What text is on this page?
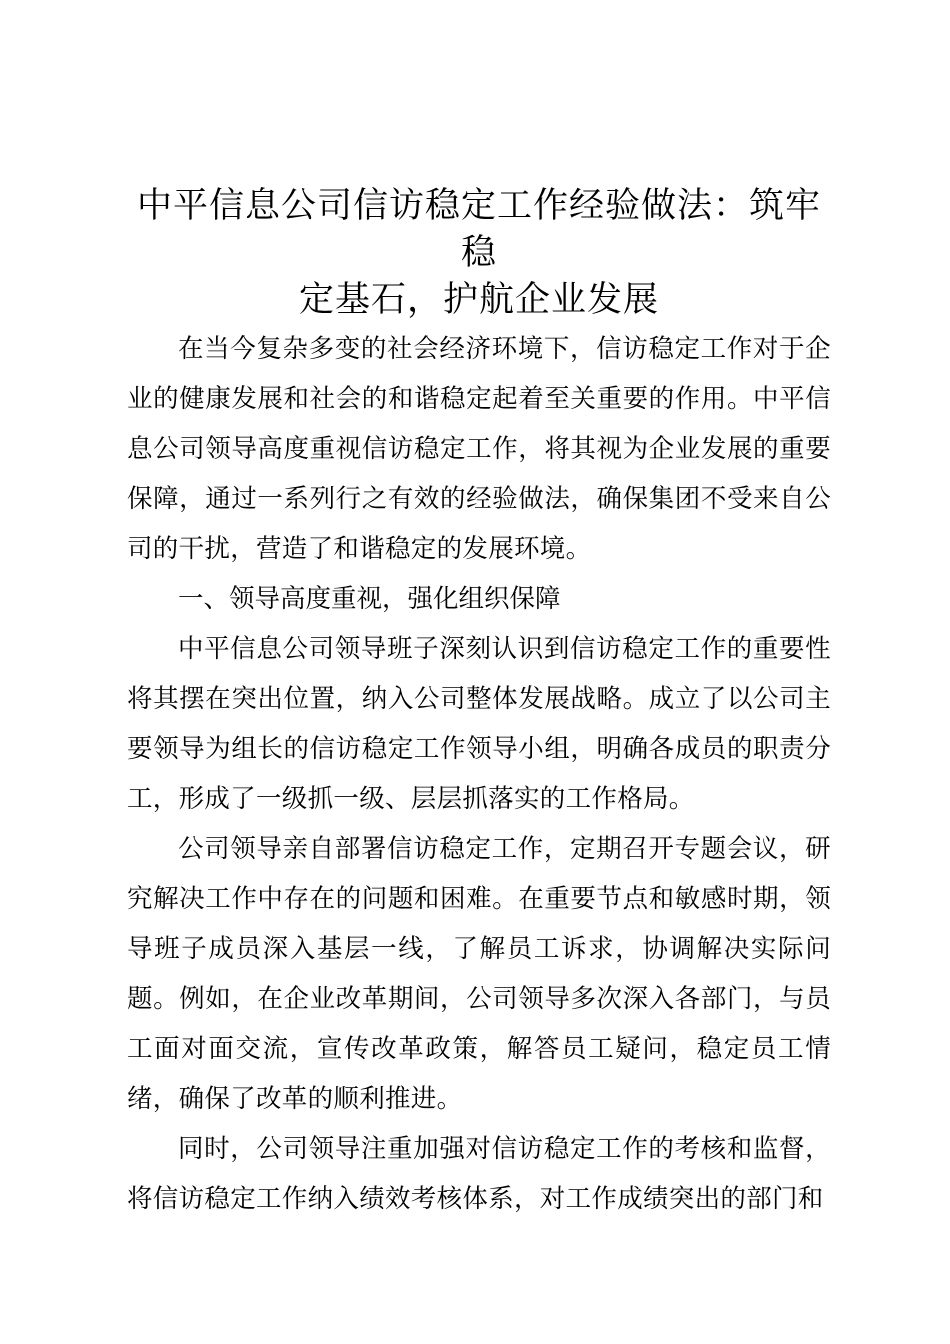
中平信息公司信访稳定工作经验做法：筑牢稳
定基石，护航企业发展

在当今复杂多变的社会经济环境下，信访稳定工作对于企业的健康发展和社会的和谐稳定起着至关重要的作用。中平信息公司领导高度重视信访稳定工作，将其视为企业发展的重要保障，通过一系列行之有效的经验做法，确保集团不受来自公司的干扰，营造了和谐稳定的发展环境。

一、领导高度重视，强化组织保障

中平信息公司领导班子深刻认识到信访稳定工作的重要性将其摆在突出位置，纳入公司整体发展战略。成立了以公司主要领导为组长的信访稳定工作领导小组，明确各成员的职责分工，形成了一级抓一级、层层抓落实的工作格局。

公司领导亲自部署信访稳定工作，定期召开专题会议，研究解决工作中存在的问题和困难。在重要节点和敏感时期，领导班子成员深入基层一线，了解员工诉求，协调解决实际问题。例如，在企业改革期间，公司领导多次深入各部门，与员工面对面交流，宣传改革政策，解答员工疑问，稳定员工情绪，确保了改革的顺利推进。

同时，公司领导注重加强对信访稳定工作的考核和监督，将信访稳定工作纳入绩效考核体系，对工作成绩突出的部门和
